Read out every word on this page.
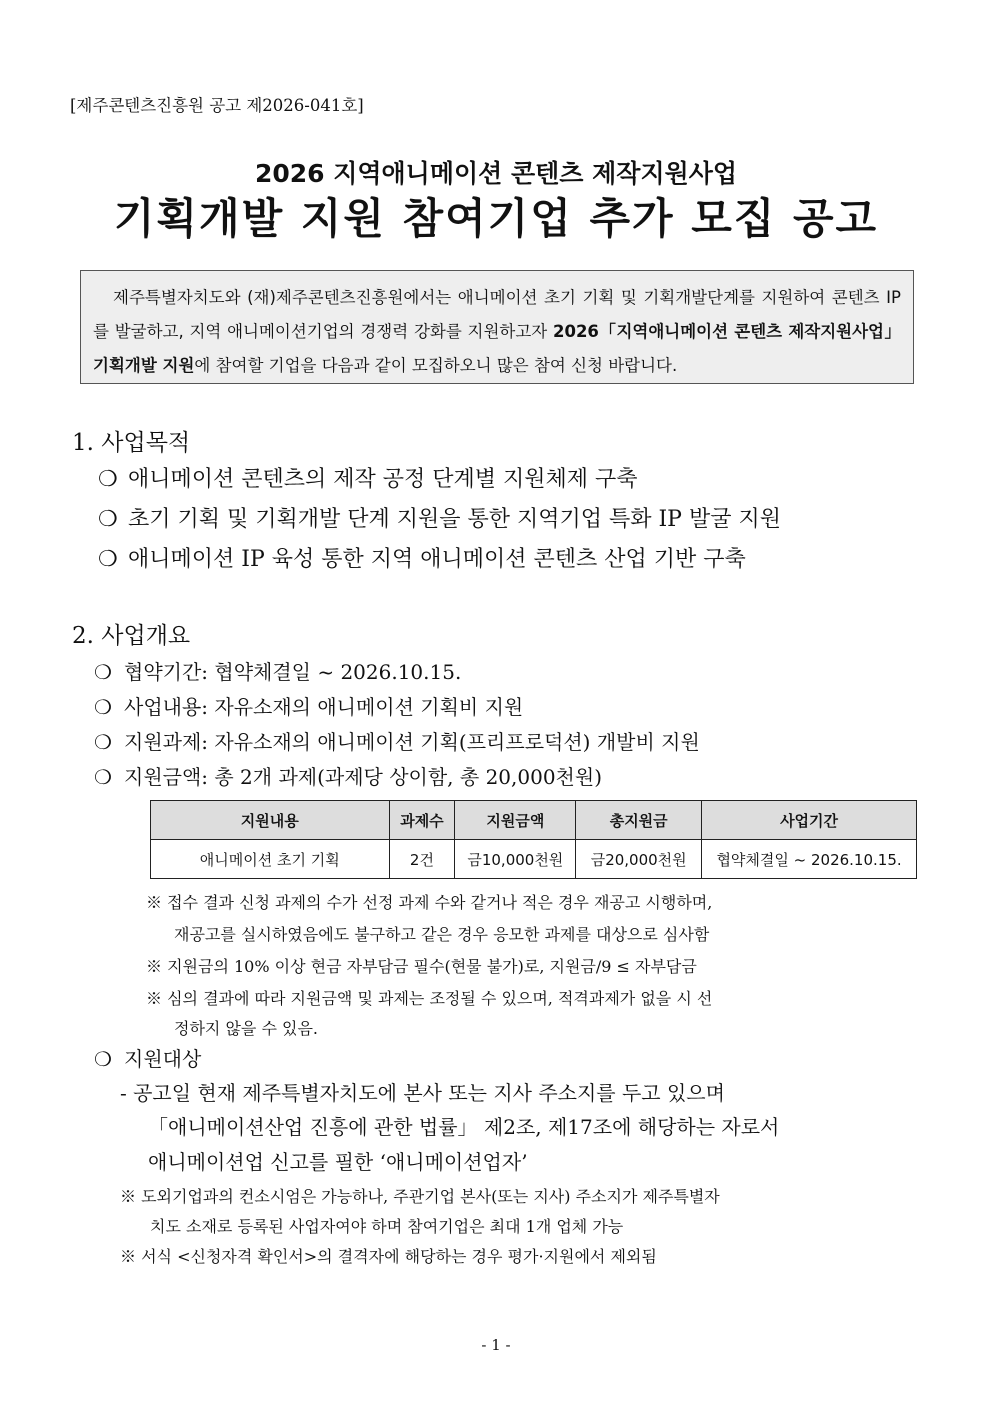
[제주콘텐츠진흥원 공고 제2026-041호]
2026 지역애니메이션 콘텐츠 제작지원사업
기획개발 지원 참여기업 추가 모집 공고

제주특별자치도와 (재)제주콘텐츠진흥원에서는 애니메이션 초기 기획 및 기획개발단계를 지원하여 콘텐츠 IP를 발굴하고, 지역 애니메이션기업의 경쟁력 강화를 지원하고자 2026「지역애니메이션 콘텐츠 제작지원사업」 기획개발 지원에 참여할 기업을 다음과 같이 모집하오니 많은 참여 신청 바랍니다.

1. 사업목적
❍ 애니메이션 콘텐츠의 제작 공정 단계별 지원체제 구축
❍ 초기 기획 및 기획개발 단계 지원을 통한 지역기업 특화 IP 발굴 지원
❍ 애니메이션 IP 육성 통한 지역 애니메이션 콘텐츠 산업 기반 구축
2. 사업개요
❍ 협약기간: 협약체결일 ~ 2026.10.15.
❍ 사업내용: 자유소재의 애니메이션 기획비 지원
❍ 지원과제: 자유소재의 애니메이션 기획(프리프로덕션) 개발비 지원
❍ 지원금액: 총 2개 과제(과제당 상이함, 총 20,000천원)
지원내용	과제수	지원금액	총지원금	사업기간
애니메이션 초기 기획	2건	금10,000천원	금20,000천원	협약체결일 ~ 2026.10.15.
※ 접수 결과 신청 과제의 수가 선정 과제 수와 같거나 적은 경우 재공고 시행하며,
재공고를 실시하였음에도 불구하고 같은 경우 응모한 과제를 대상으로 심사함
※ 지원금의 10% 이상 현금 자부담금 필수(현물 불가)로, 지원금/9 ≤ 자부담금
※ 심의 결과에 따라 지원금액 및 과제는 조정될 수 있으며, 적격과제가 없을 시 선
정하지 않을 수 있음.
❍ 지원대상
- 공고일 현재 제주특별자치도에 본사 또는 지사 주소지를 두고 있으며
「애니메이션산업 진흥에 관한 법률」 제2조, 제17조에 해당하는 자로서
애니메이션업 신고를 필한 ‘애니메이션업자’
※ 도외기업과의 컨소시엄은 가능하나, 주관기업 본사(또는 지사) 주소지가 제주특별자
치도 소재로 등록된 사업자여야 하며 참여기업은 최대 1개 업체 가능
※ 서식 <신청자격 확인서>의 결격자에 해당하는 경우 평가·지원에서 제외됨
- 1 -
